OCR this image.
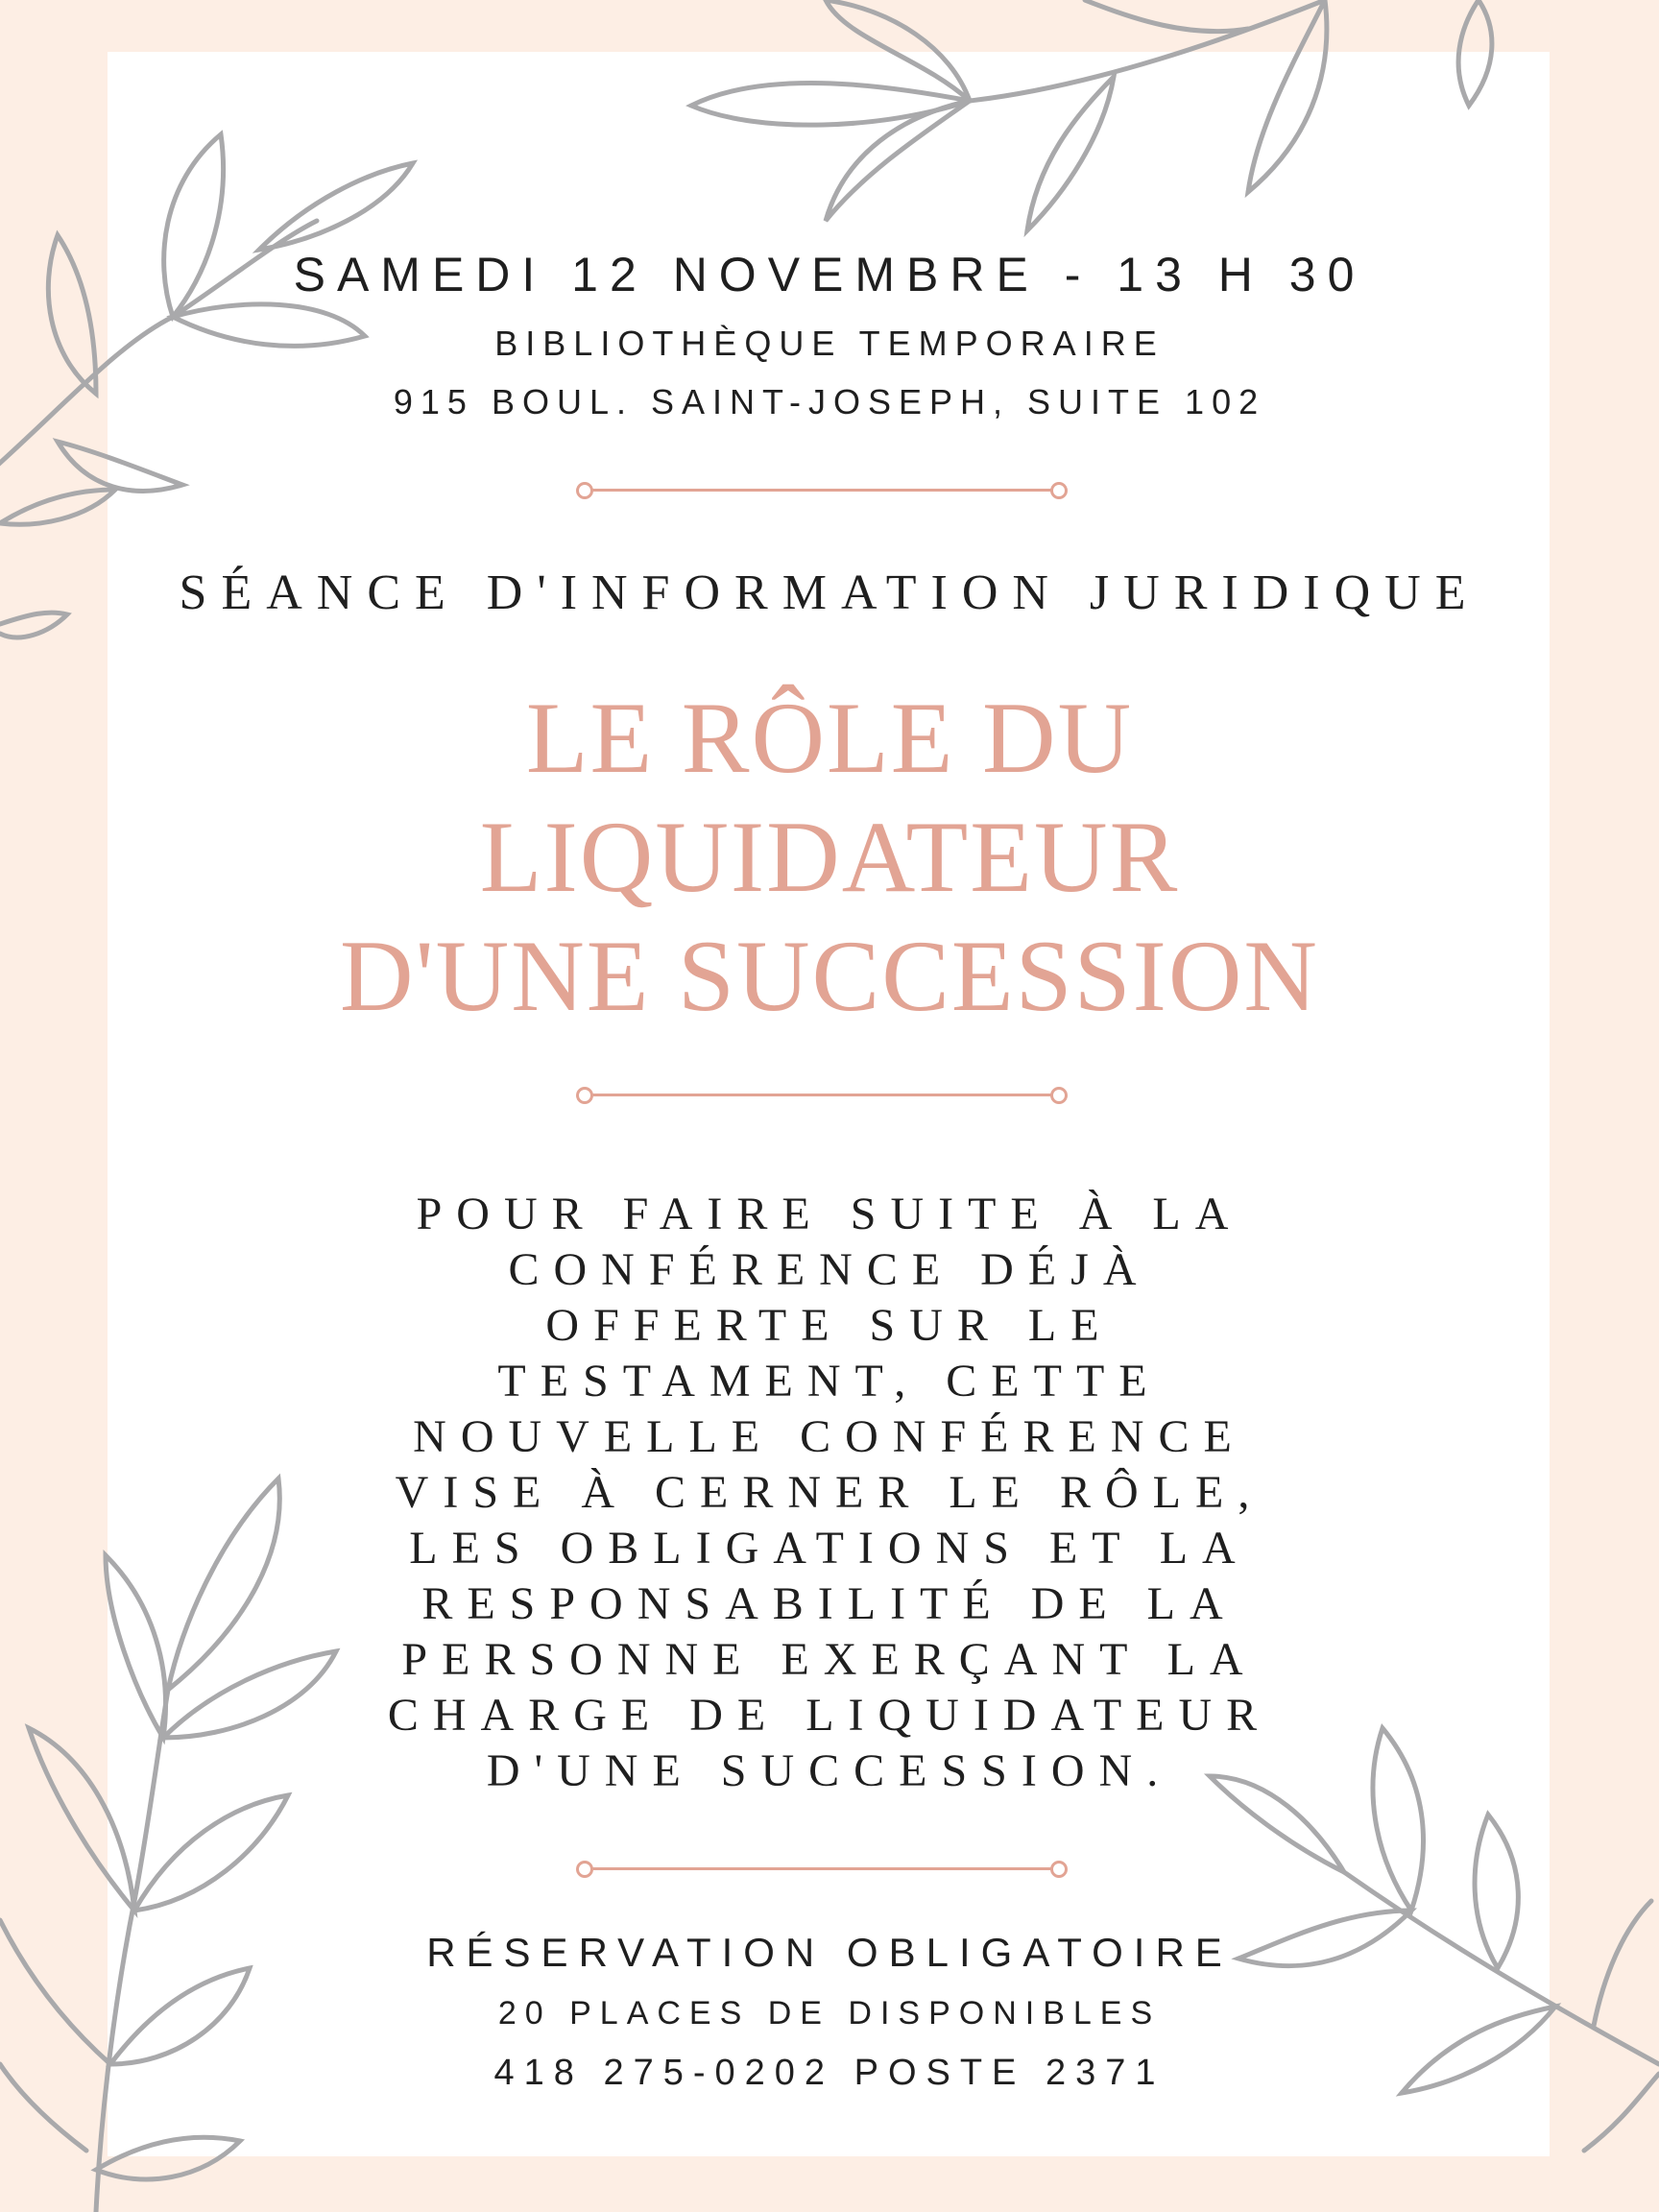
SAMEDI 12 NOVEMBRE - 13 H 30
BIBLIOTHÈQUE TEMPORAIRE
915 BOUL. SAINT-JOSEPH, SUITE 102
SÉANCE D'INFORMATION JURIDIQUE
LE RÔLE DU
LIQUIDATEUR
D'UNE SUCCESSION
POUR FAIRE SUITE À LA
CONFÉRENCE DÉJÀ
OFFERTE SUR LE
TESTAMENT, CETTE
NOUVELLE CONFÉRENCE
VISE À CERNER LE RÔLE,
LES OBLIGATIONS ET LA
RESPONSABILITÉ DE LA
PERSONNE EXERÇANT LA
CHARGE DE LIQUIDATEUR
D'UNE SUCCESSION.
RÉSERVATION OBLIGATOIRE
20 PLACES DE DISPONIBLES
418 275-0202 POSTE 2371
